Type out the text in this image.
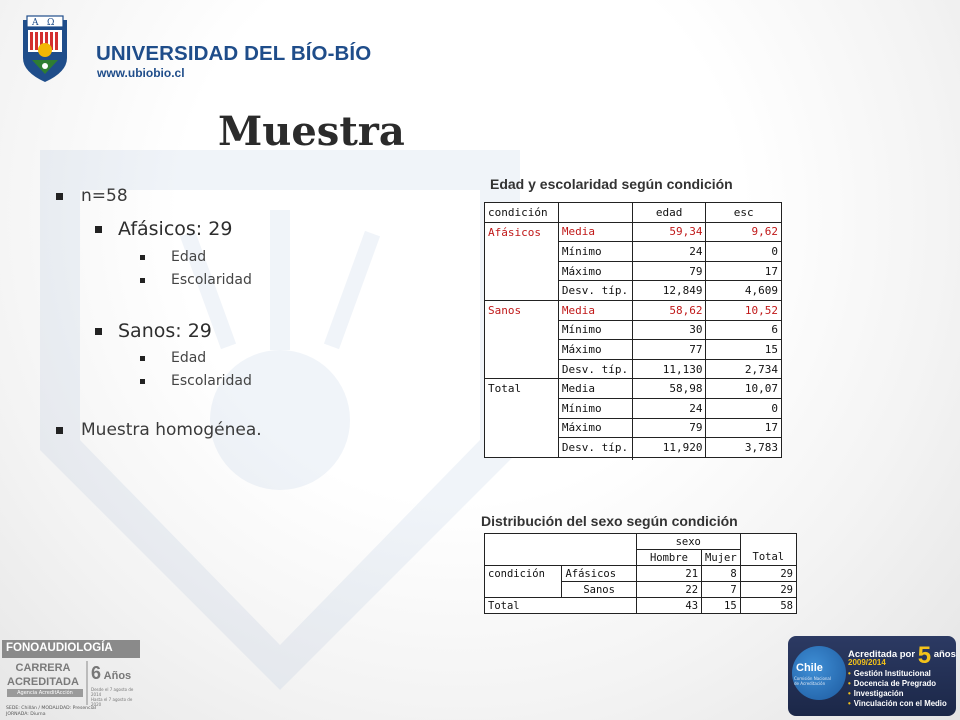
A Ω
UNIVERSIDAD DEL BÍO-BÍO
www.ubiobio.cl
Muestra
n=58
Afásicos: 29
Edad
Escolaridad
Sanos: 29
Edad
Escolaridad
Muestra homogénea.
Edad y escolaridad según condición
condición		edad	esc
Afásicos	Media	59,34	9,62
	Mínimo	24	0
	Máximo	79	17
	Desv. típ.	12,849	4,609
Sanos	Media	58,62	10,52
	Mínimo	30	6
	Máximo	77	15
	Desv. típ.	11,130	2,734
Total	Media	58,98	10,07
	Mínimo	24	0
	Máximo	79	17
	Desv. típ.	11,920	3,783
Distribución del sexo según condición
		sexo		
		Hombre	Mujer	Total
condición	Afásicos	21	8	29
	Sanos	22	7	29
Total		43	15	58
FONOAUDIOLOGÍA
CARRERA
ACREDITADA
Agencia AcreditAcción
6 Años
Desde el 7 agosto de 2014
Hasta el 7 agosto de 2020
SEDE: Chillán / MODALIDAD: Presencial
JORNADA: Diurna
Chile
Comisión Nacional
de Acreditación
Acreditada por 5 años
2009/2014
• Gestión Institucional
• Docencia de Pregrado
• Investigación
• Vinculación con el Medio
